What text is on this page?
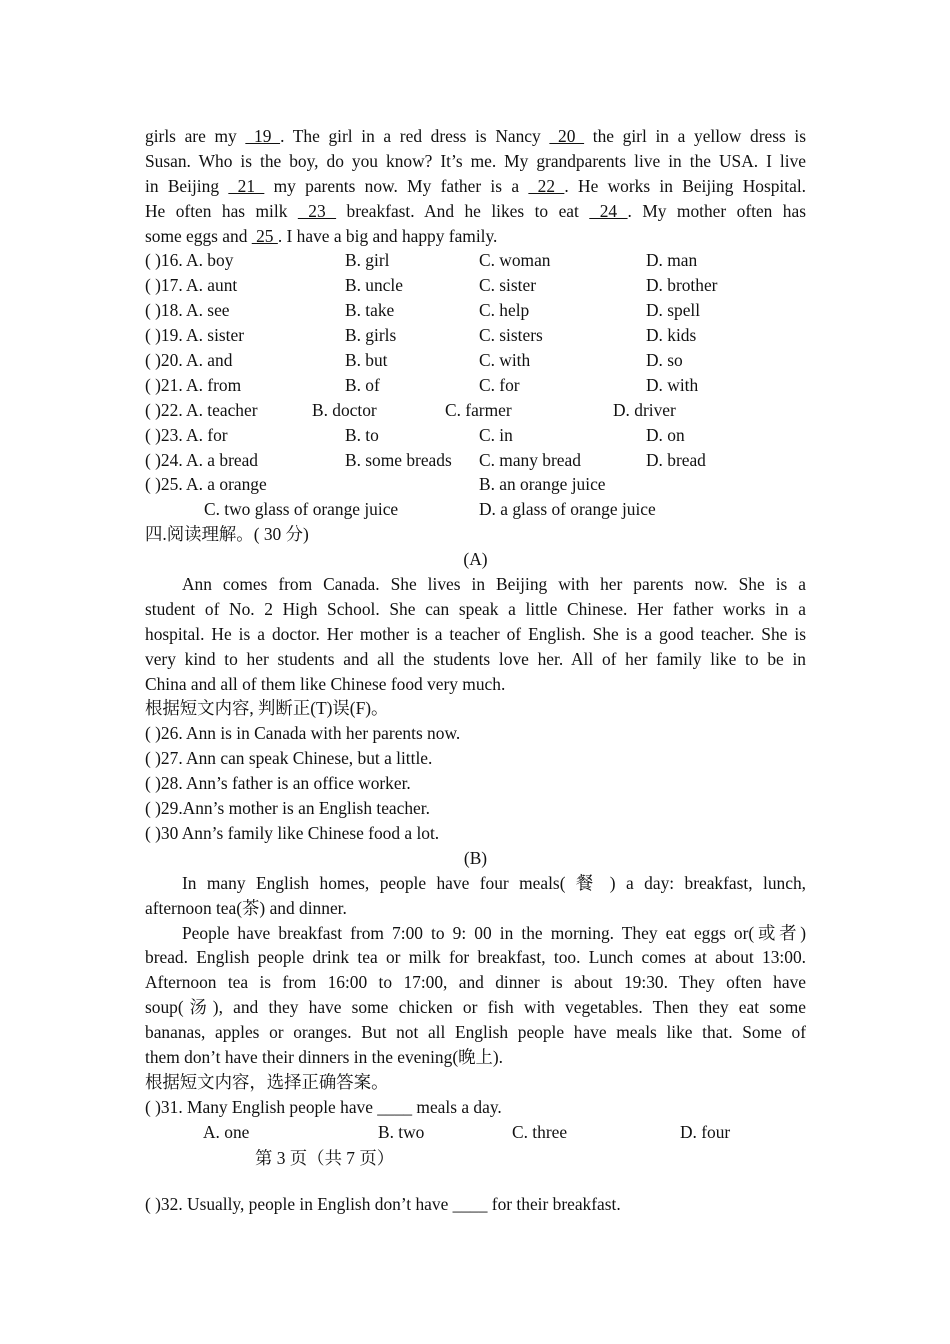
girls are my  19 . The girl in a red dress is Nancy  20  the girl in a yellow dress is
Susan. Who is the boy, do you know? It’s me. My grandparents live in the USA. I live
in Beijing  21  my parents now. My father is a  22 . He works in Beijing Hospital.
He often has milk  23  breakfast. And he likes to eat  24 . My mother often has
some eggs and  25 . I have a big and happy family.
( )16. A. boy	B. girl	C. woman	D. man
( )17. A. aunt	B. uncle	C. sister	D. brother
( )18. A. see	B. take	C. help	D. spell
( )19. A. sister	B. girls	C. sisters	D. kids
( )20. A. and	B. but	C. with	D. so
( )21. A. from	B. of	C. for	D. with
( )22. A. teacher	B. doctor	C. farmer	D. driver
( )23. A. for	B. to	C. in	D. on
( )24. A. a bread	B. some breads C. many bread	D. bread
( )25. A. a orange	B. an orange juice
C. two glass of orange juice	D. a glass of orange juice
四.阅读理解。( 30 分)
(A)
Ann comes from Canada. She lives in Beijing with her parents now. She is a
student of No. 2 High School. She can speak a little Chinese. Her father works in a
hospital. He is a doctor. Her mother is a teacher of English. She is a good teacher. She is
very kind to her students and all the students love her. All of her family like to be in
China and all of them like Chinese food very much.
根据短文内容, 判断正(T)误(F)。
( )26. Ann is in Canada with her parents now.
( )27. Ann can speak Chinese, but a little.
( )28. Ann’s father is an office worker.
( )29.Ann’s mother is an English teacher.
( )30 Ann’s family like Chinese food a lot.
(B)
In many English homes, people have four meals( 餐 ) a day: breakfast, lunch,
afternoon tea(茶) and dinner.
People have breakfast from 7:00 to 9: 00 in the morning. They eat eggs or(或者)
bread. English people drink tea or milk for breakfast, too. Lunch comes at about 13:00.
Afternoon tea is from 16:00 to 17:00, and dinner is about 19:30. They often have
soup(汤), and they have some chicken or fish with vegetables. Then they eat some
bananas, apples or oranges. But not all English people have meals like that. Some of
them don’t have their dinners in the evening(晚上).
根据短文内容，选择正确答案。
( )31. Many English people have ____ meals a day.
A. one	B. two	C. three	D. four
第 3 页（共 7 页）
( )32. Usually, people in English don’t have ____ for their breakfast.
